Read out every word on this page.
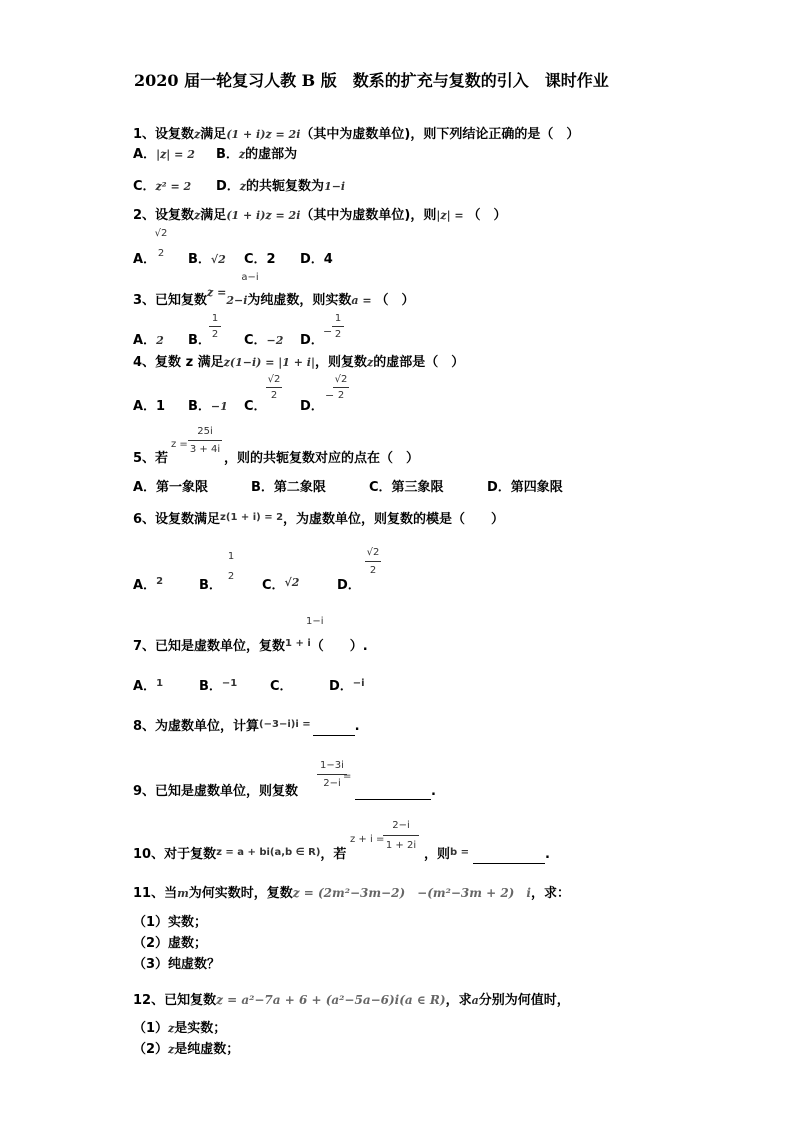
2020 届一轮复习人教 B 版　数系的扩充与复数的引入　课时作业
1、设复数z满足(1 + i)z = 2i（其中为虚数单位)，则下列结论正确的是（　）
A．|z| = 2 B．z的虚部为
C．z² = 2 D．z的共轭复数为1−i
2、设复数z满足(1 + i)z = 2i（其中为虚数单位)，则|z| = （　）
A．
√2
2 B．√2 C．2 D．4
a−i
3、已知复数$^{z =}$2−i为纯虚数，则实数a = （　）
A．2 B．
1
2 C．−2 D．
−
1
2
4、复数 z 满足z(1−i) = |1 + i|，则复数z的虚部是（　）
A．1 B．−1 C．
√2
2
D．
−
√2
2
z =
25i
3 + 4i
5、若	，则的共轭复数对应的点在（　）
A．第一象限	B．第二象限	C．第三象限	D．第四象限
6、设复数满足$^{z(1 + i) = 2}$，为虚数单位，则复数的模是（　　）
A．$^2$	B．
1
2
C．$^{√2}$	D．
√2
2
1−i
7、已知是虚数单位，复数$^{1 + i}$（　　）.
A．$^1$	B．$^{-1}$	C．	D．$^{-i}$
8、为虚数单位，计算$^{(-3-i)i =}$	.
1−3i
2−i
=
9、已知是虚数单位，则复数	.
z + i =
2−i
1 + 2i
10、对于复数$^{z = a + bi(a,b \in R)}$，若	，则$^{b =}$	.
11、当m为何实数时，复数z = (2m²−3m−2)　−(m²−3m + 2)　i，求：
（1）实数；
（2）虚数；
（3）纯虚数？
12、已知复数z = a²−7a + 6 + (a²−5a−6)i(a ∈ R)，求a分别为何值时，
（1）z是实数；
（2）z是纯虚数；
